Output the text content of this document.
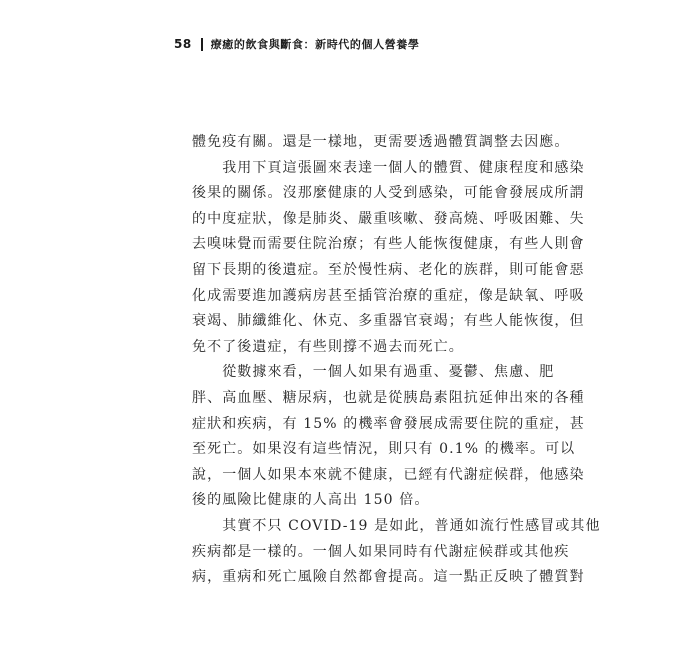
58 療癒的飲食與斷食：新時代的個人營養學
體免疫有關。還是一樣地，更需要透過體質調整去因應。
　　我用下頁這張圖來表達一個人的體質、健康程度和感染
後果的關係。沒那麼健康的人受到感染，可能會發展成所謂
的中度症狀，像是肺炎、嚴重咳嗽、發高燒、呼吸困難、失
去嗅味覺而需要住院治療；有些人能恢復健康，有些人則會
留下長期的後遺症。至於慢性病、老化的族群，則可能會惡
化成需要進加護病房甚至插管治療的重症，像是缺氧、呼吸
衰竭、肺纖維化、休克、多重器官衰竭；有些人能恢復，但
免不了後遺症，有些則撐不過去而死亡。
　　從數據來看，一個人如果有過重、憂鬱、焦慮、肥
胖、高血壓、糖尿病，也就是從胰島素阻抗延伸出來的各種
症狀和疾病，有 15% 的機率會發展成需要住院的重症，甚
至死亡。如果沒有這些情況，則只有 0.1% 的機率。可以
說，一個人如果本來就不健康，已經有代謝症候群，他感染
後的風險比健康的人高出 150 倍。
　　其實不只 COVID-19 是如此，普通如流行性感冒或其他
疾病都是一樣的。一個人如果同時有代謝症候群或其他疾
病，重病和死亡風險自然都會提高。這一點正反映了體質對
